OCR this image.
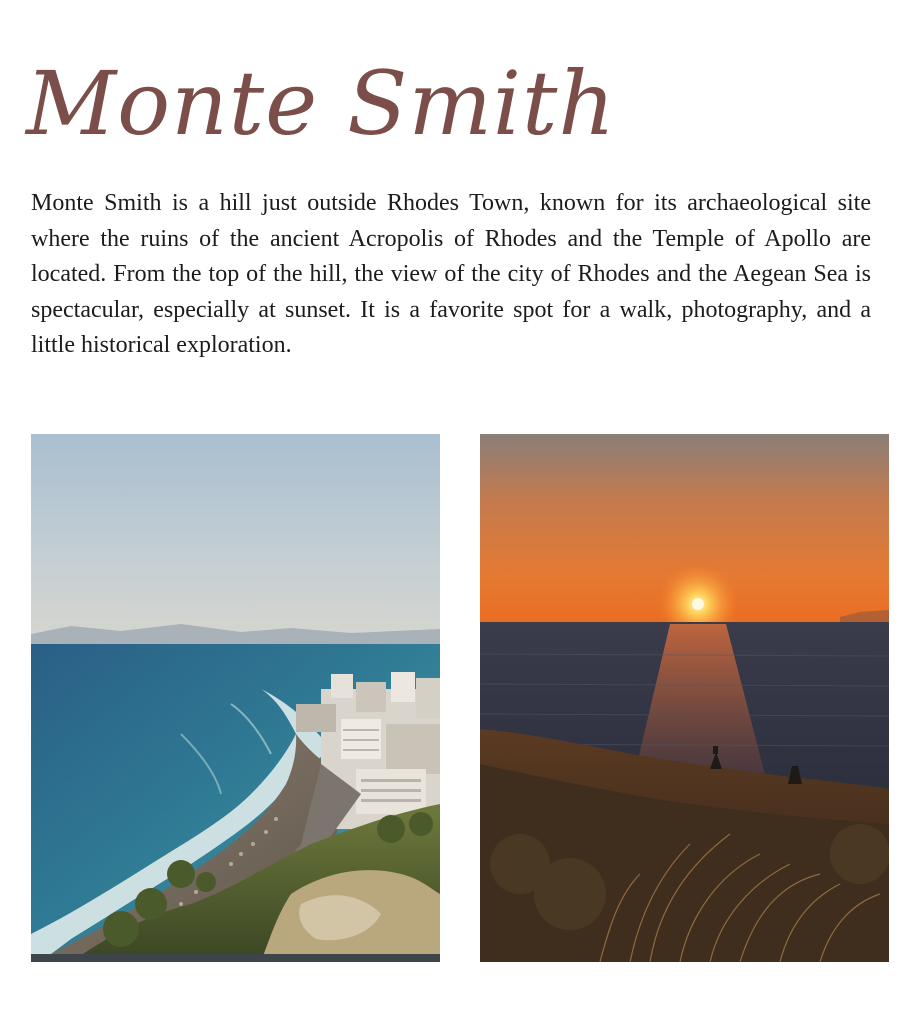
Monte Smith

Monte Smith is a hill just outside Rhodes Town, known for its archaeological site where the ruins of the ancient Acropolis of Rhodes and the Temple of Apollo are located. From the top of the hill, the view of the city of Rhodes and the Aegean Sea is spectacular, especially at sunset. It is a favorite spot for a walk, photography, and a little historical exploration.
